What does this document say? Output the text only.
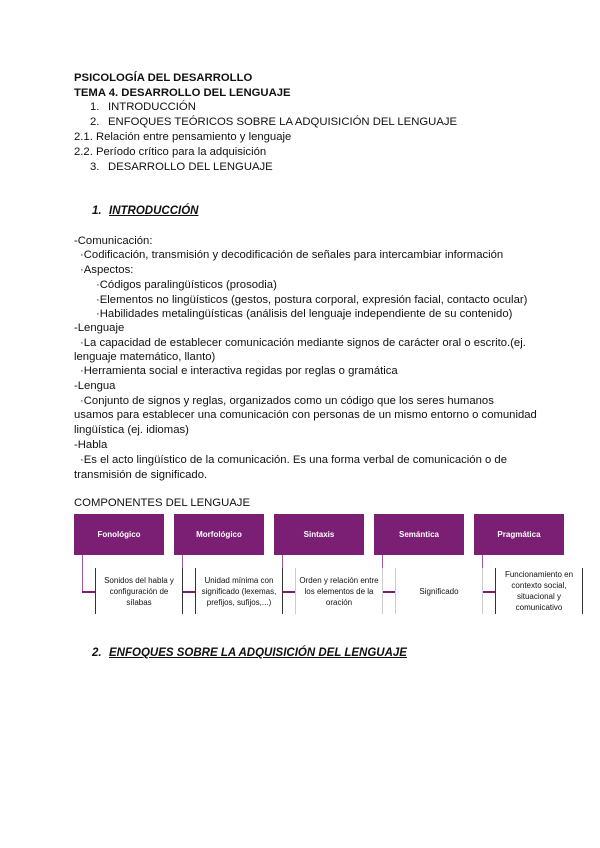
PSICOLOGÍA DEL DESARROLLO
TEMA 4. DESARROLLO DEL LENGUAJE
1. INTRODUCCIÓN
2. ENFOQUES TEÓRICOS SOBRE LA ADQUISICIÓN DEL LENGUAJE
2.1. Relación entre pensamiento y lenguaje
2.2. Período crítico para la adquisición
3. DESARROLLO DEL LENGUAJE
1. INTRODUCCIÓN
-Comunicación:
·Codificación, transmisión y decodificación de señales para intercambiar información
·Aspectos:
·Códigos paralingüísticos (prosodia)
·Elementos no lingüísticos (gestos, postura corporal, expresión facial, contacto ocular)
·Habilidades metalingüísticas (análisis del lenguaje independiente de su contenido)
-Lenguaje
·La capacidad de establecer comunicación mediante signos de carácter oral o escrito.(ej.
lenguaje matemático, llanto)
·Herramienta social e interactiva regidas por reglas o gramática
-Lengua
·Conjunto de signos y reglas, organizados como un código que los seres humanos
usamos para establecer una comunicación con personas de un mismo entorno o comunidad
lingüística (ej. idiomas)
-Habla
·Es el acto lingüístico de la comunicación. Es una forma verbal de comunicación o de
transmisión de significado.
COMPONENTES DEL LENGUAJE
Fonológico	Morfológico	Sintaxis	Semántica	Pragmática
Sonidos del habla y configuración de sílabas
Unidad mínima con significado (lexemas, prefijos, sufijos,...)
Orden y relación entre los elementos de la oración
Significado
Funcionamiento en contexto social, situacional y comunicativo
2. ENFOQUES SOBRE LA ADQUISICIÓN DEL LENGUAJE
